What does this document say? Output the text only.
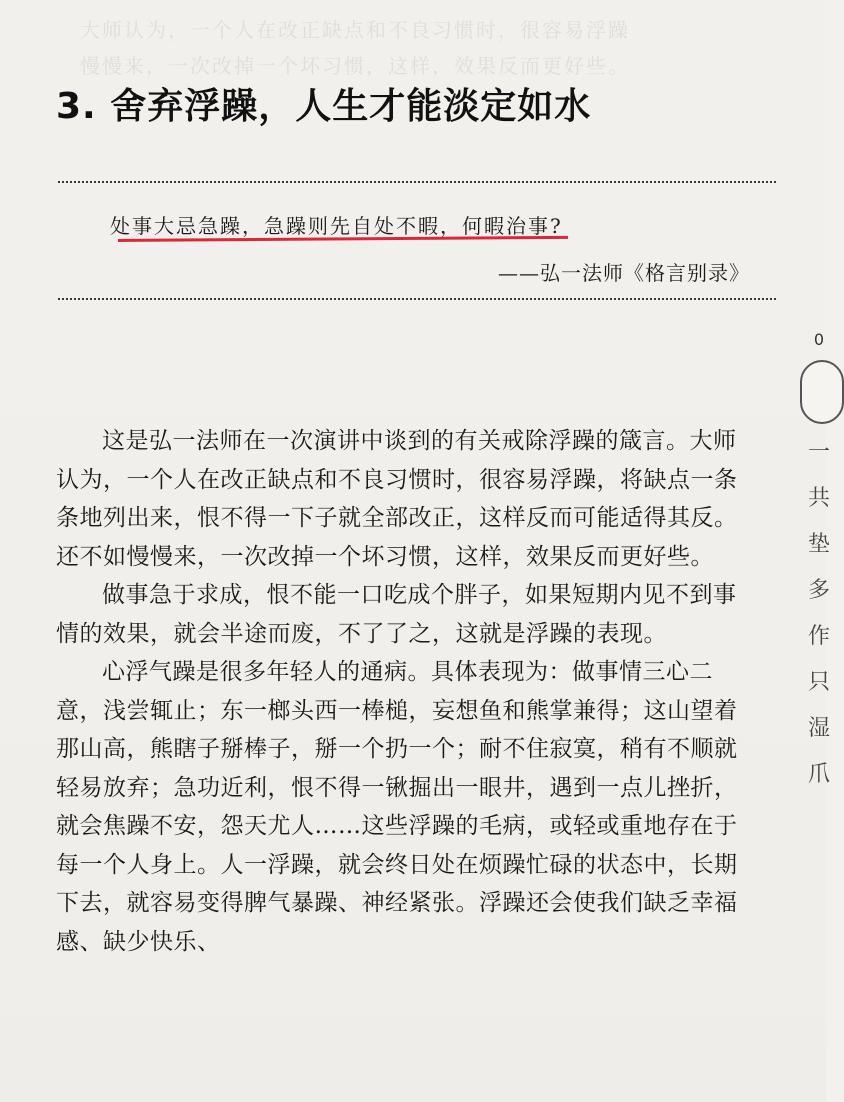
大师认为，一个人在改正缺点和不良习惯时，很容易浮躁
慢慢来，一次改掉一个坏习惯，这样，效果反而更好些。
3. 舍弃浮躁，人生才能淡定如水
处事大忌急躁，急躁则先自处不暇，何暇治事?
——弘一法师《格言别录》

这是弘一法师在一次演讲中谈到的有关戒除浮躁的箴言。大师认为，一个人在改正缺点和不良习惯时，很容易浮躁，将缺点一条条地列出来，恨不得一下子就全部改正，这样反而可能适得其反。还不如慢慢来，一次改掉一个坏习惯，这样，效果反而更好些。

做事急于求成，恨不能一口吃成个胖子，如果短期内见不到事情的效果，就会半途而废，不了了之，这就是浮躁的表现。

心浮气躁是很多年轻人的通病。具体表现为：做事情三心二意，浅尝辄止；东一榔头西一棒槌，妄想鱼和熊掌兼得；这山望着那山高，熊瞎子掰棒子，掰一个扔一个；耐不住寂寞，稍有不顺就轻易放弃；急功近利，恨不得一锹掘出一眼井，遇到一点儿挫折，就会焦躁不安，怨天尤人……这些浮躁的毛病，或轻或重地存在于每一个人身上。人一浮躁，就会终日处在烦躁忙碌的状态中，长期下去，就容易变得脾气暴躁、神经紧张。浮躁还会使我们缺乏幸福感、缺少快乐、

0
一
共
垫
多
作
只
湿
爪
